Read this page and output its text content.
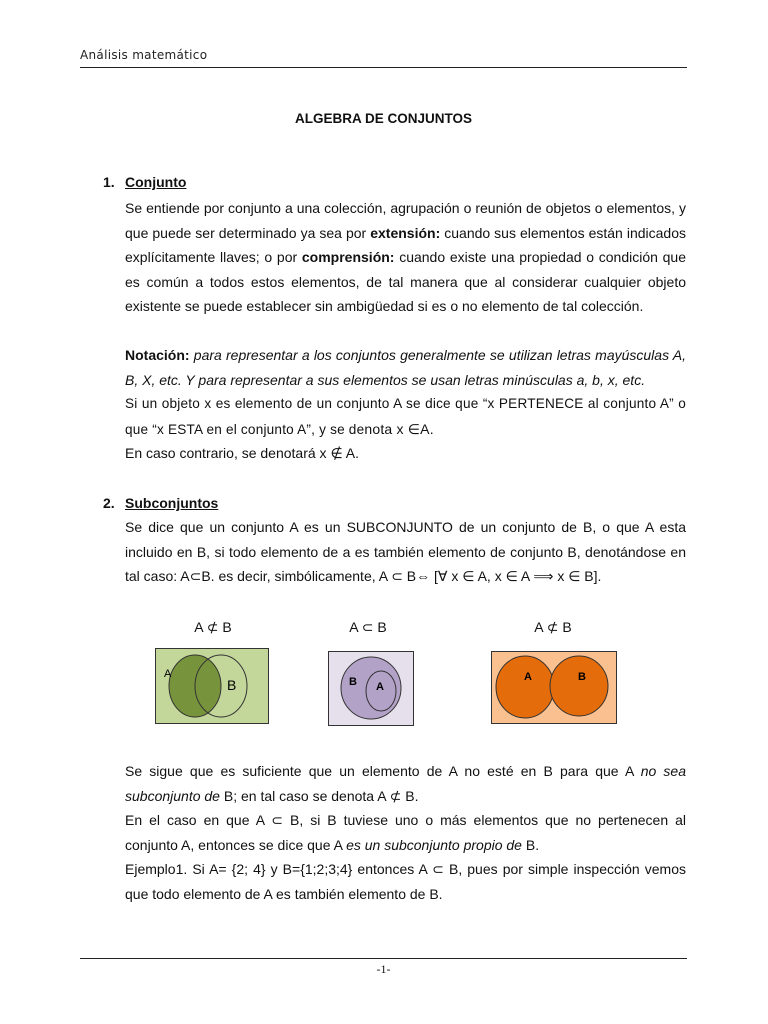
Análisis matemático
ALGEBRA DE CONJUNTOS
1. Conjunto

Se entiende por conjunto a una colección, agrupación o reunión de objetos o elementos, y que puede ser determinado ya sea por extensión: cuando sus elementos están indicados explícitamente llaves; o por comprensión: cuando existe una propiedad o condición que es común a todos estos elementos, de tal manera que al considerar cualquier objeto existente se puede establecer sin ambigüedad si es o no elemento de tal colección.

Notación: para representar a los conjuntos generalmente se utilizan letras mayúsculas A, B, X, etc. Y para representar a sus elementos se usan letras minúsculas a, b, x, etc.

Si un objeto x es elemento de un conjunto A se dice que “x PERTENECE al conjunto A” o que “x ESTA en el conjunto A”, y se denota x ∈A.

En caso contrario, se denotará x ∉ A.

2. Subconjuntos

Se dice que un conjunto A es un SUBCONJUNTO de un conjunto de B, o que A esta incluido en B, si todo elemento de a es también elemento de conjunto B, denotándose en tal caso: A⊂B. es decir, simbólicamente, A ⊂ B⇔ [∀ x ∈ A, x ∈ A ⟹ x ∈ B].

A ⊄ B	A ⊂ B	A ⊄ B
A
B	B A
A	B

Se sigue que es suficiente que un elemento de A no esté en B para que A no sea subconjunto de B; en tal caso se denota A ⊄ B.

En el caso en que A ⊂ B, si B tuviese uno o más elementos que no pertenecen al conjunto A, entonces se dice que A es un subconjunto propio de B.

Ejemplo1. Si A= {2; 4} y B={1;2;3;4} entonces A ⊂ B, pues por simple inspección vemos que todo elemento de A es también elemento de B.

-1-
